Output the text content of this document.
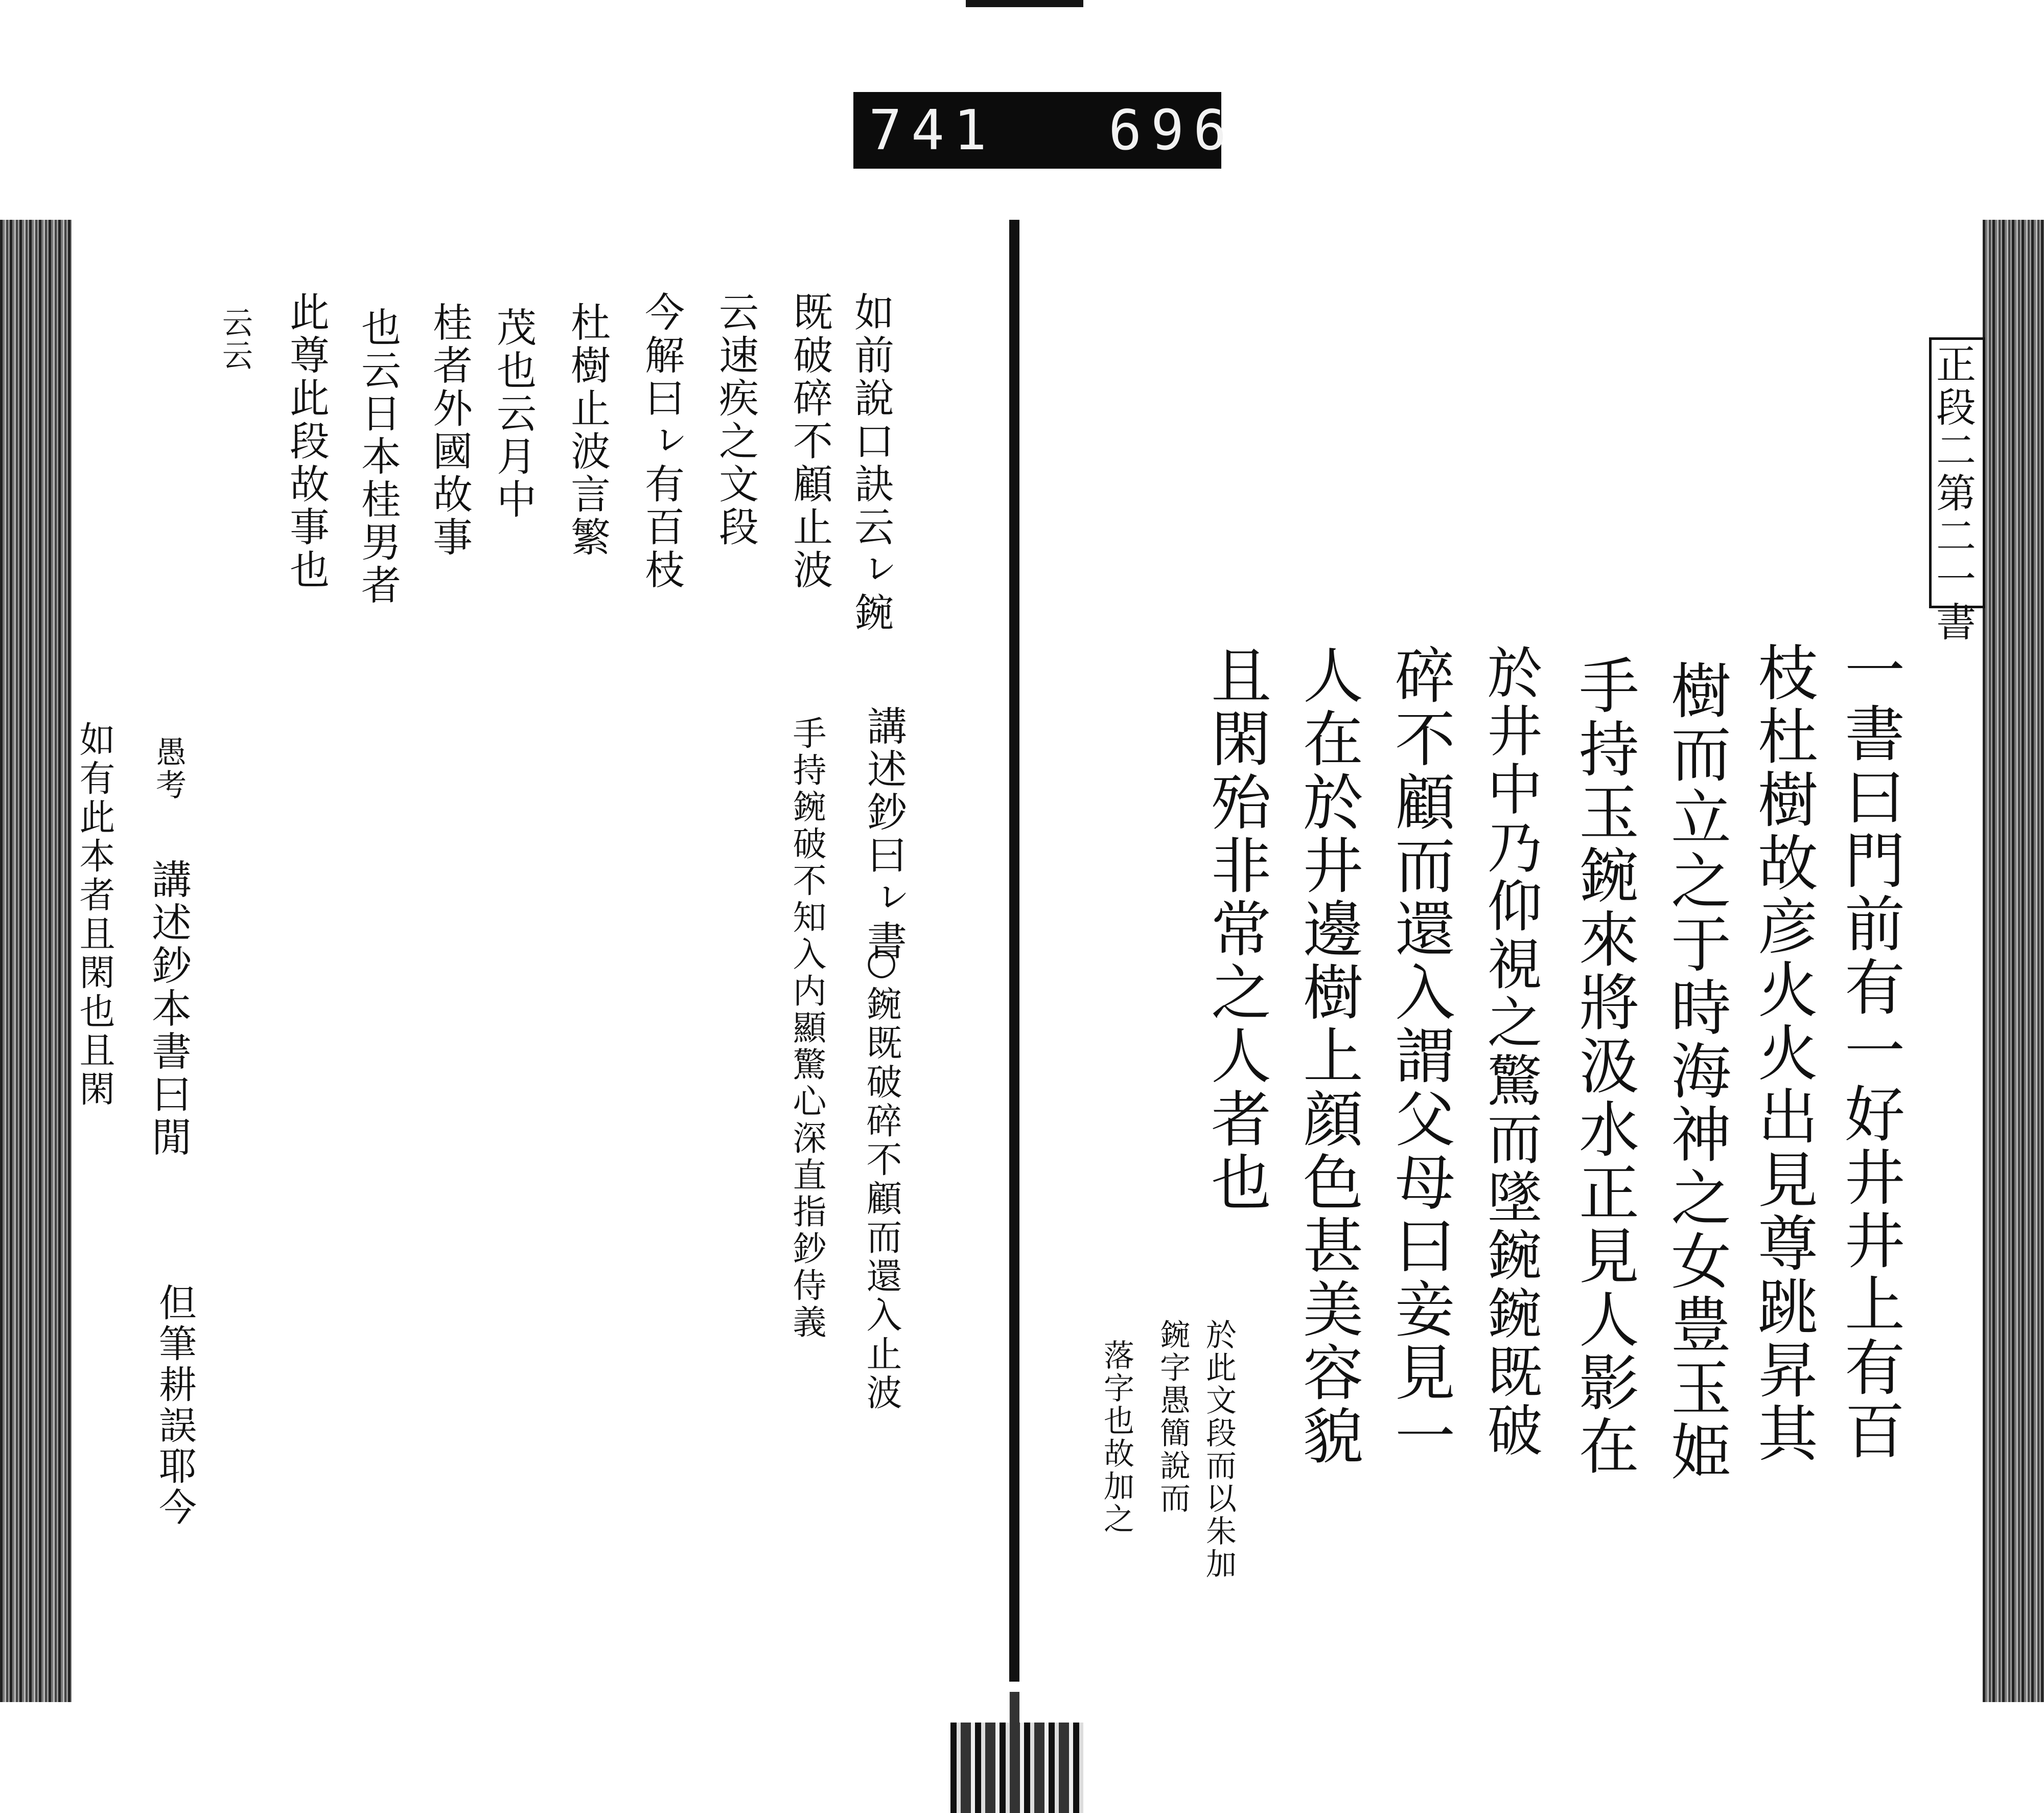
741 696
正段二第二一書
一書曰門前有一好井井上有百
枝杜樹故彦火火出見尊跳昇其
樹而立之于時海神之女豊玉姫
手持玉鋺來將汲水正見人影在
於井中乃仰視之驚而墜鋺鋺既破
碎不顧而還入謂父母曰妾見一
人在於井邊樹上顔色甚美容貌
且閑殆非常之人者也
於此文段而以朱加
鋺字愚簡說而
落字也故加之
如前說口訣云ㇾ鋺
既破碎不顧止波
云速疾之文段
今解曰ㇾ有百枝
杜樹止波言繁
茂也云月中
桂者外國故事
也云日本桂男者
此尊此段故事也
云云
講述鈔曰ㇾ書
○鋺既破碎不顧而還入止波
手持鋺破不知入内顯驚心深直指鈔侍義
愚考
講述鈔本書曰閒
如有此本者且閑也且閑
但筆耕誤耶今
